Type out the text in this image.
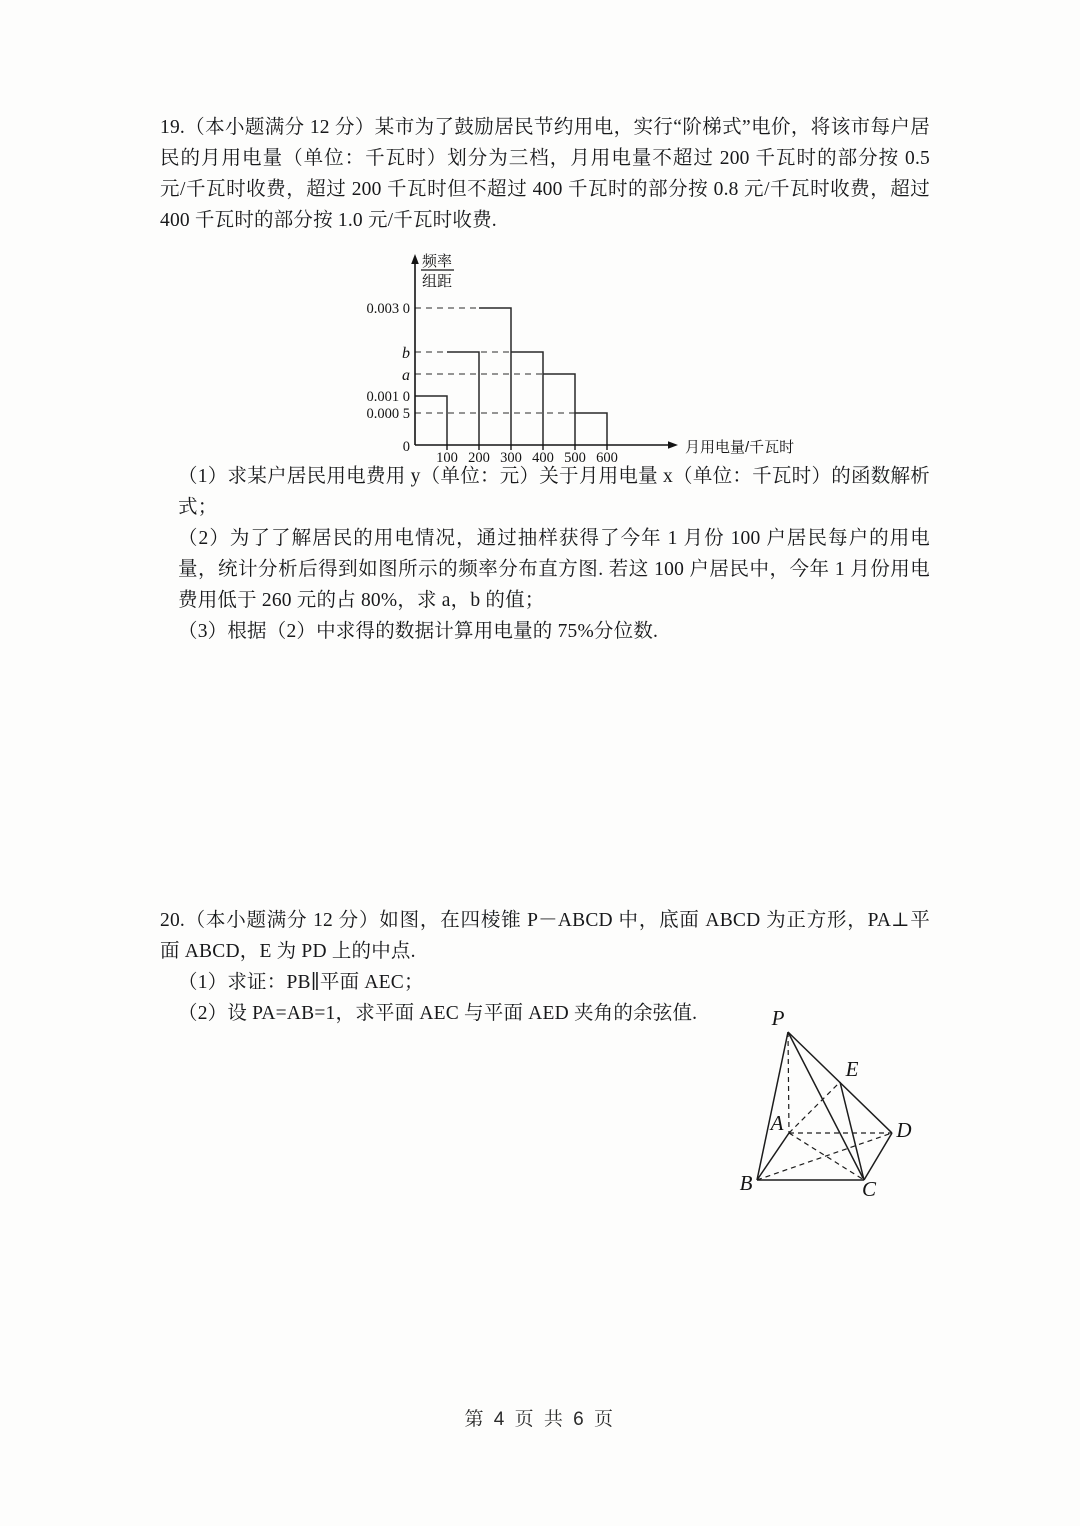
19.（本小题满分 12 分）某市为了鼓励居民节约用电，实行“阶梯式”电价，将该市每户居民的月用电量（单位：千瓦时）划分为三档，月用电量不超过 200 千瓦时的部分按 0.5 元/千瓦时收费，超过 200 千瓦时但不超过 400 千瓦时的部分按 0.8 元/千瓦时收费，超过 400 千瓦时的部分按 1.0 元/千瓦时收费.
0.003 0
b
a
0.001 0
0.000 5
0
频率
组距
100 200 300 400 500 600
月用电量/千瓦时
（1）求某户居民用电费用 y（单位：元）关于月用电量 x（单位：千瓦时）的函数解析式；
（2）为了了解居民的用电情况，通过抽样获得了今年 1 月份 100 户居民每户的用电量，统计分析后得到如图所示的频率分布直方图. 若这 100 户居民中，今年 1 月份用电费用低于 260 元的占 80%，求 a，b 的值；
（3）根据（2）中求得的数据计算用电量的 75%分位数.
20.（本小题满分 12 分）如图，在四棱锥 P－ABCD 中，底面 ABCD 为正方形，PA⊥平面 ABCD，E 为 PD 上的中点.
（1）求证：PB∥平面 AEC；
（2）设 PA=AB=1，求平面 AEC 与平面 AED 夹角的余弦值.	P
E
A	D
B	C
第 4 页 共 6 页
